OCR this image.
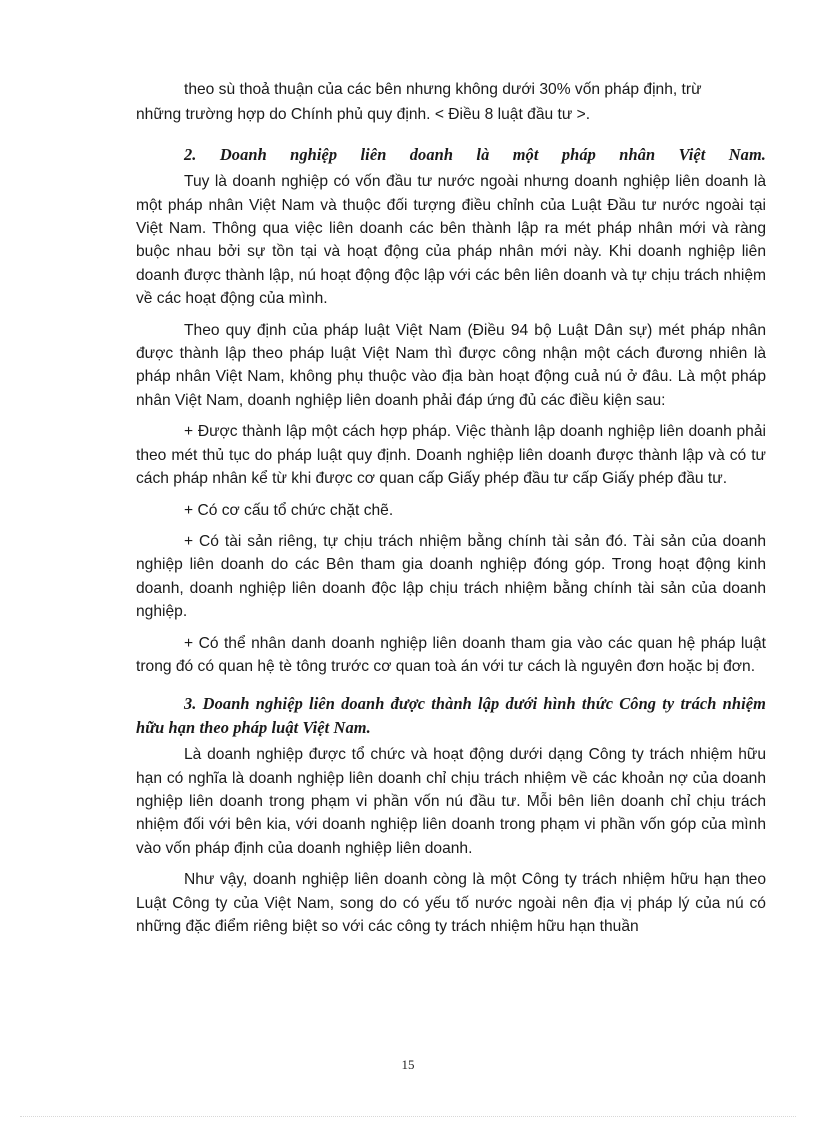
theo sù thoả thuận của các bên nhưng không dưới 30% vốn pháp định, trừ

những trường hợp do Chính phủ quy định. < Điều 8 luật đầu tư >.

2. Doanh nghiệp liên doanh là một pháp nhân Việt Nam.

Tuy là doanh nghiệp có vốn đầu tư nước ngoài nhưng doanh nghiệp liên doanh là một pháp nhân Việt Nam và thuộc đối tượng điều chỉnh của Luật Đầu tư nước ngoài tại Việt Nam. Thông qua việc liên doanh các bên thành lập ra mét pháp nhân mới và ràng buộc nhau bởi sự tồn tại và hoạt động của pháp nhân mới này. Khi doanh nghiệp liên doanh được thành lập, nú hoạt động độc lập với các bên liên doanh và tự chịu trách nhiệm về các hoạt động của mình.

Theo quy định của pháp luật Việt Nam (Điều 94 bộ Luật Dân sự) mét pháp nhân được thành lập theo pháp luật Việt Nam thì được công nhận một cách đương nhiên là pháp nhân Việt Nam, không phụ thuộc vào địa bàn hoạt động cuả nú ở đâu. Là một pháp nhân Việt Nam, doanh nghiệp liên doanh phải đáp ứng đủ các điều kiện sau:

+ Được thành lập một cách hợp pháp. Việc thành lập doanh nghiệp liên doanh phải theo mét thủ tục do pháp luật quy định. Doanh nghiệp liên doanh được thành lập và có tư cách pháp nhân kể từ khi được cơ quan cấp Giấy phép đầu tư cấp Giấy phép đầu tư.

+ Có cơ cấu tổ chức chặt chẽ.

+ Có tài sản riêng, tự chịu trách nhiệm bằng chính tài sản đó. Tài sản của doanh nghiệp liên doanh do các Bên tham gia doanh nghiệp đóng góp. Trong hoạt động kinh doanh, doanh nghiệp liên doanh độc lập chịu trách nhiệm bằng chính tài sản của doanh nghiệp.

+ Có thể nhân danh doanh nghiệp liên doanh tham gia vào các quan hệ pháp luật trong đó có quan hệ tè tông trước cơ quan toà án với tư cách là nguyên đơn hoặc bị đơn.

3. Doanh nghiệp liên doanh được thành lập dưới hình thức Công ty trách nhiệm hữu hạn theo pháp luật Việt Nam.

Là doanh nghiệp được tổ chức và hoạt động dưới dạng Công ty trách nhiệm hữu hạn có nghĩa là doanh nghiệp liên doanh chỉ chịu trách nhiệm về các khoản nợ của doanh nghiệp liên doanh trong phạm vi phần vốn nú đầu tư. Mỗi bên liên doanh chỉ chịu trách nhiệm đối với bên kia, với doanh nghiệp liên doanh trong phạm vi phần vốn góp của mình vào vốn pháp định của doanh nghiệp liên doanh.

Như vậy, doanh nghiệp liên doanh còng là một Công ty trách nhiệm hữu hạn theo Luật Công ty của Việt Nam, song do có yếu tố nước ngoài nên địa vị pháp lý của nú có những đặc điểm riêng biệt so với các công ty trách nhiệm hữu hạn thuần

15
